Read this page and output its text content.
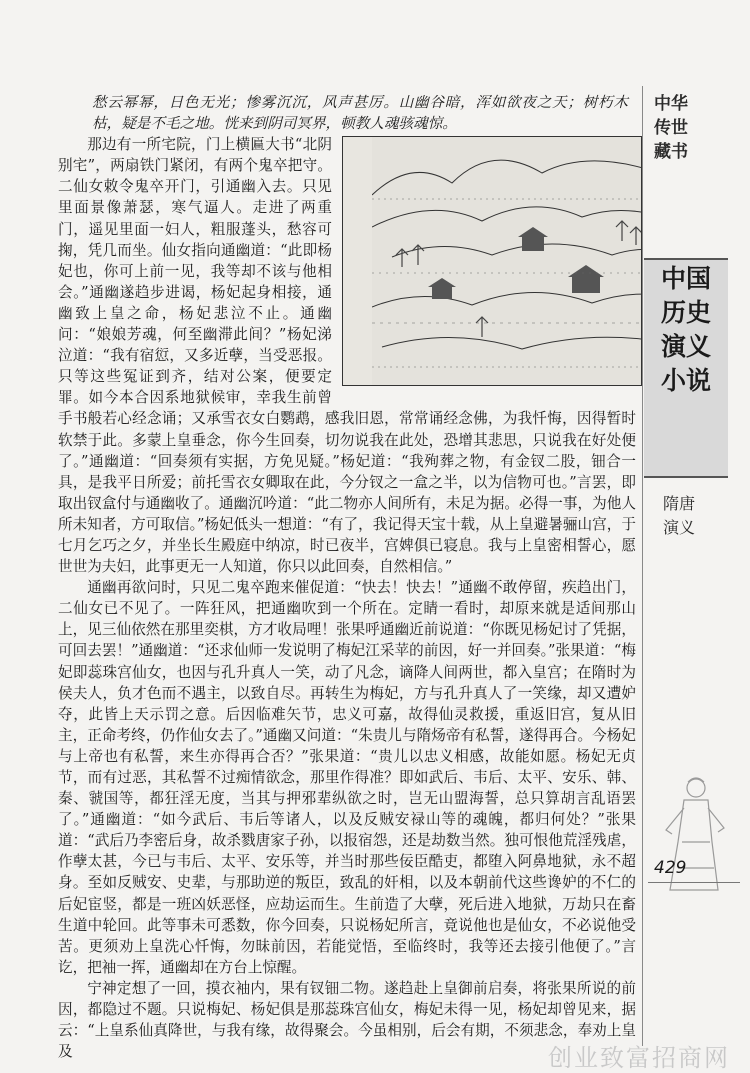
愁云幂幂，日色无光；惨雾沉沉，风声甚厉。山幽谷暗，浑如欲夜之天；树朽木枯，疑是不毛之地。恍来到阴司冥界，顿教人魂骇魂惊。

那边有一所宅院，门上横匾大书“北阴别宅”，两扇铁门紧闭，有两个鬼卒把守。二仙女敕令鬼卒开门，引通幽入去。只见里面景像萧瑟，寒气逼人。走进了两重门，遥见里面一妇人，粗服蓬头，愁容可掬，凭几而坐。仙女指向通幽道：“此即杨妃也，你可上前一见，我等却不该与他相会。”通幽遂趋步进谒，杨妃起身相接，通幽致上皇之命，杨妃悲泣不止。通幽问：“娘娘芳魂，何至幽滞此间？”杨妃涕泣道：“我有宿愆，又多近孽，当受恶报。只等这些冤证到齐，结对公案，便要定罪。如今本合因系地狱候审，幸我生前曾手书般若心经念诵；又承雪衣女白鹦鹉，感我旧恩，常常诵经念佛，为我忏悔，因得暂时软禁于此。多蒙上皇垂念，你今生回奏，切勿说我在此处，恐增其悲思，只说我在好处便了。”通幽道：“回奏须有实据，方免见疑。”杨妃道：“我殉葬之物，有金钗二股，钿合一具，是我平日所爱；前托雪衣女卿取在此，今分钗之一盒之半，以为信物可也。”言罢，即取出钗盒付与通幽收了。通幽沉吟道：“此二物亦人间所有，未足为据。必得一事，为他人所未知者，方可取信。”杨妃低头一想道：“有了，我记得天宝十载，从上皇避暑骊山宫，于七月乞巧之夕，并坐长生殿庭中纳凉，时已夜半，宫婢俱已寝息。我与上皇密相誓心，愿世世为夫妇，此事更无一人知道，你只以此回奏，自然相信。”

通幽再欲问时，只见二鬼卒跑来催促道：“快去！快去！”通幽不敢停留，疾趋出门，二仙女已不见了。一阵狂风，把通幽吹到一个所在。定睛一看时，却原来就是适间那山上，见三仙依然在那里奕棋，方才收局哩！张果呼通幽近前说道：“你既见杨妃讨了凭据，可回去罢！”通幽道：“还求仙师一发说明了梅妃江采苹的前因，好一并回奏。”张果道：“梅妃即蕊珠宫仙女，也因与孔升真人一笑，动了凡念，谪降人间两世，都入皇宫；在隋时为侯夫人，负才色而不遇主，以致自尽。再转生为梅妃，方与孔升真人了一笑缘，却又遭妒夺，此皆上天示罚之意。后因临难矢节，忠义可嘉，故得仙灵救援，重返旧宫，复从旧主，正命考终，仍作仙女去了。”通幽又问道：“朱贵儿与隋炀帝有私誓，遂得再合。今杨妃与上帝也有私誓，来生亦得再合否？”张果道：“贵儿以忠义相感，故能如愿。杨妃无贞节，而有过恶，其私誓不过痴情欲念，那里作得准？即如武后、韦后、太平、安乐、韩、秦、虢国等，都狂淫无度，当其与押邪辈纵欲之时，岂无山盟海誓，总只算胡言乱语罢了。”通幽道：“如今武后、韦后等诸人，以及反贼安禄山等的魂魄，都归何处？”张果道：“武后乃李密后身，故杀戮唐家子孙，以报宿怨，还是劫数当然。独可恨他荒淫残虐，作孽太甚，今已与韦后、太平、安乐等，并当时那些佞臣酷吏，都堕入阿鼻地狱，永不超身。至如反贼安、史辈，与那助逆的叛臣，致乱的奸相，以及本朝前代这些谗妒的不仁的后妃宦竖，都是一班凶妖恶怪，应劫运而生。生前造了大孽，死后进入地狱，万劫只在畜生道中轮回。此等事未可悉数，你今回奏，只说杨妃所言，竟说他也是仙女，不必说他受苦。更须劝上皇洗心忏悔，勿昧前因，若能觉悟，至临终时，我等还去接引他便了。”言讫，把袖一挥，通幽却在方台上惊醒。

宁神定想了一回，摸衣袖内，果有钗钿二物。遂趋赴上皇御前启奏，将张果所说的前因，都隐过不题。只说梅妃、杨妃俱是那蕊珠宫仙女，梅妃未得一见，杨妃却曾见来，据云：“上皇系仙真降世，与我有缘，故得聚会。今虽相别，后会有期，不须悲念，奉劝上皇及

中华传世藏书
中国历史演义小说
隋唐演义
429
创业致富招商网
